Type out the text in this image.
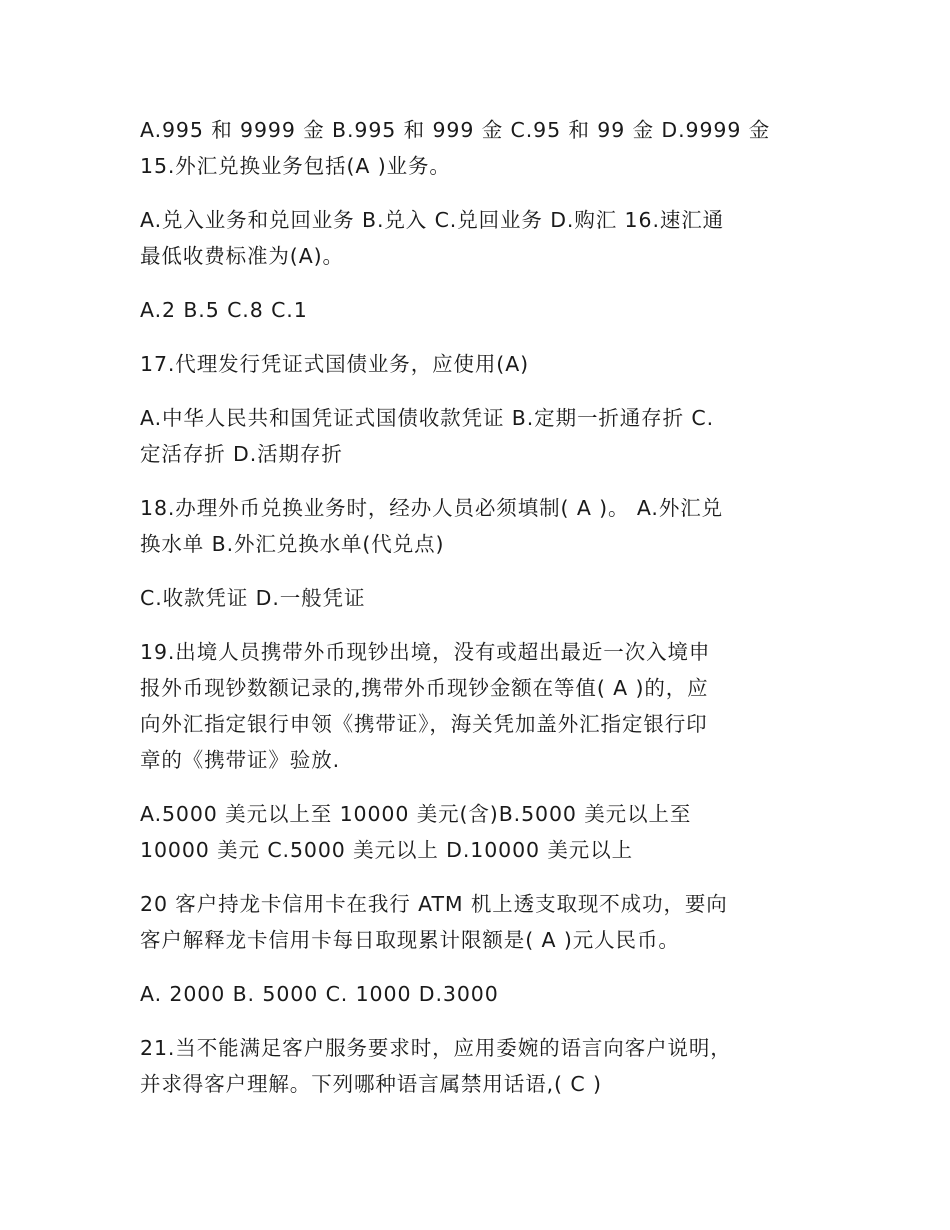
A.995 和 9999 金 B.995 和 999 金 C.95 和 99 金 D.9999 金
15.外汇兑换业务包括(A )业务。

A.兑入业务和兑回业务 B.兑入 C.兑回业务 D.购汇 16.速汇通
最低收费标准为(A)。

A.2 B.5 C.8 C.1

17.代理发行凭证式国债业务，应使用(A)

A.中华人民共和国凭证式国债收款凭证 B.定期一折通存折 C.
定活存折 D.活期存折

18.办理外币兑换业务时，经办人员必须填制( A )。 A.外汇兑
换水单 B.外汇兑换水单(代兑点)

C.收款凭证 D.一般凭证

19.出境人员携带外币现钞出境，没有或超出最近一次入境申
报外币现钞数额记录的,携带外币现钞金额在等值( A )的，应
向外汇指定银行申领《携带证》，海关凭加盖外汇指定银行印
章的《携带证》验放.

A.5000 美元以上至 10000 美元(含)B.5000 美元以上至
10000 美元 C.5000 美元以上 D.10000 美元以上

20 客户持龙卡信用卡在我行 ATM 机上透支取现不成功，要向
客户解释龙卡信用卡每日取现累计限额是( A )元人民币。

A. 2000 B. 5000 C. 1000 D.3000

21.当不能满足客户服务要求时，应用委婉的语言向客户说明，
并求得客户理解。下列哪种语言属禁用话语,( C )
